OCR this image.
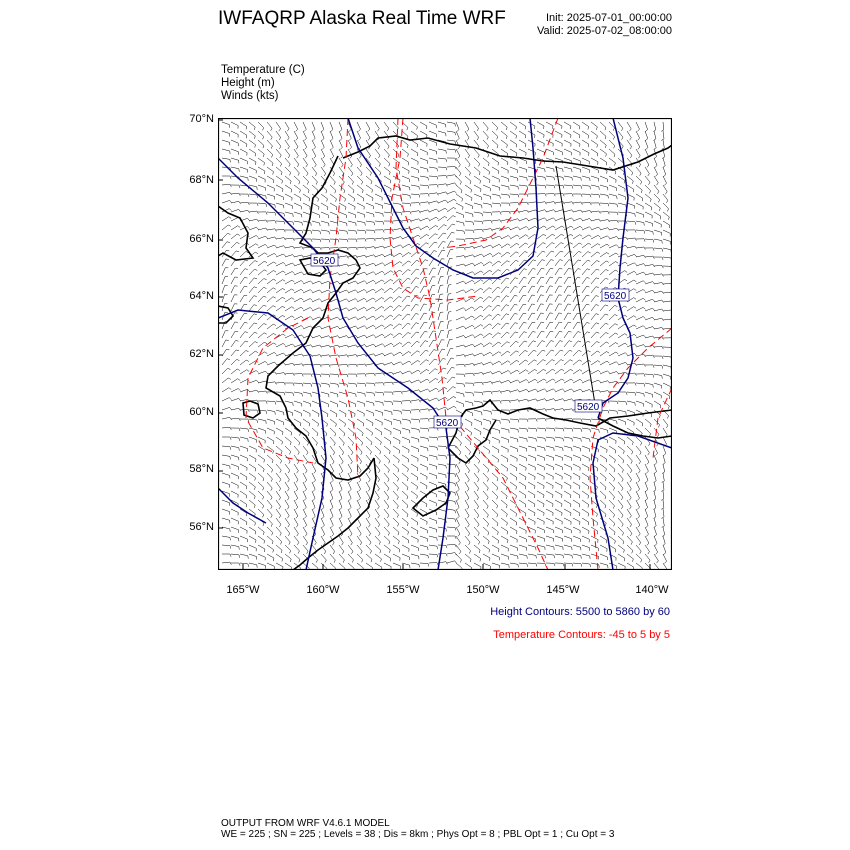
IWFAQRP Alaska Real Time WRF	Init: 2025-07-01_00:00:00
Valid: 2025-07-02_08:00:00
Temperature (C)
Height (m)
Winds (kts)
70°N
68°N
66°N
64°N
62°N
60°N
58°N
56°N
165°W	160°W	155°W	150°W	145°W	140°W
5620
5620
5620
5620
Height Contours: 5500 to 5860 by 60
Temperature Contours: -45 to 5 by 5
OUTPUT FROM WRF V4.6.1 MODEL
WE = 225 ; SN = 225 ; Levels = 38 ; Dis = 8km ; Phys Opt = 8 ; PBL Opt = 1 ; Cu Opt = 3
